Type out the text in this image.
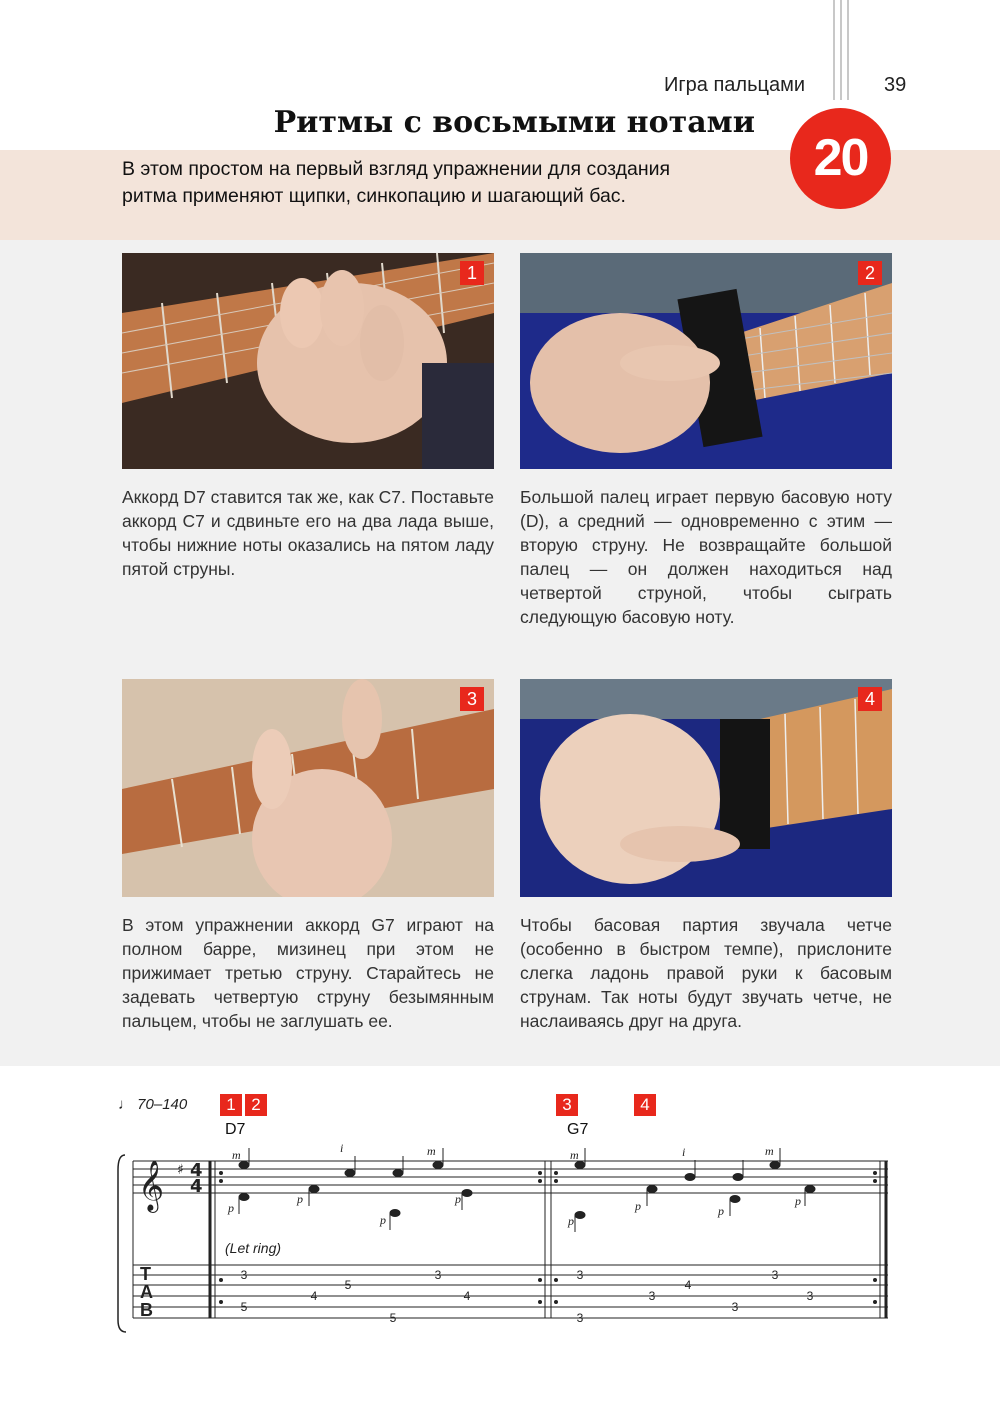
Игра пальцами	39
Ритмы с восьмыми нотами
В этом простом на первый взгляд упражнении для создания ритма применяют щипки, синкопацию и шагающий бас.
20
1	2
Аккорд D7 ставится так же, как C7. Поставьте аккорд C7 и сдвиньте его на два лада выше, чтобы нижние ноты оказались на пятом ладу пятой струны.
Большой палец играет первую басовую ноту (D), а средний — одновременно с этим — вторую струну. Не возвращайте большой палец — он должен находиться над четвертой струной, чтобы сыграть следующую басовую ноту.
3	4
В этом упражнении аккорд G7 играют на полном барре, мизинец при этом не прижимает третью струну. Старайтесь не задевать четвертую струну безымянным пальцем, чтобы не заглушать ее.
Чтобы басовая партия звучала четче (особенно в быстром темпе), прислоните слегка ладонь правой руки к басовым струнам. Так ноты будут звучать четче, не наслаиваясь друг на друга.
♩ 70–140	1 2	3	4
D7	G7
𝄞 ♯ 4
4
T
A
B
(Let ring)
m	i	m
p
p
p
p
m	i	m
p
p	p
p
3
5
4
5
3
5
4
3
3
3
4
3
3
3
